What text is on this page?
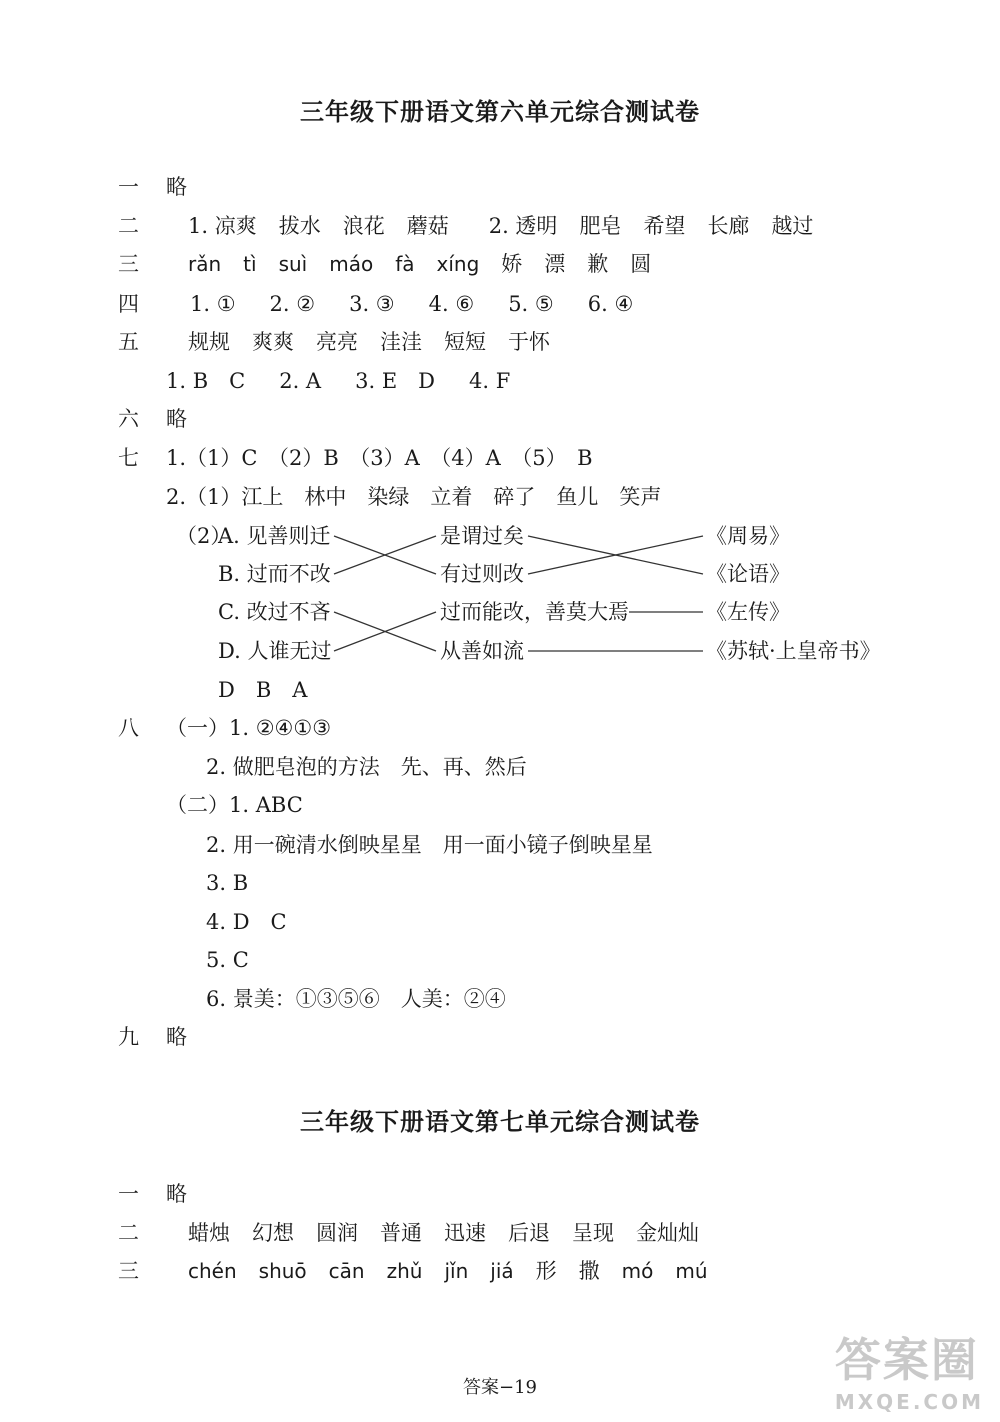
三年级下册语文第六单元综合测试卷
一 略
二 1. 凉爽 拔水 浪花 蘑菇 2. 透明 肥皂 希望 长廊 越过
三 rǎn tì suì máo fà xíng 娇 漂 歉 圆
四 1. ① 2. ② 3. ③ 4. ⑥ 5. ⑤ 6. ④
五 规规 爽爽 亮亮 洼洼 短短 于怀
1. B　C 2. A 3. E　D 4. F
六 略
七 1.（1）C　（2）B　（3）A　（4）A　（5）　B
2.（1）江上　林中　染绿　立着　碎了　鱼儿　笑声
（2）
A. 见善则迁
B. 过而不改
C. 改过不吝
D. 人谁无过
是谓过矣
有过则改
过而能改，善莫大焉
从善如流
《周易》
《论语》
《左传》
《苏轼·上皇帝书》
D　B　A
八 （一）1. ②④①③
2. 做肥皂泡的方法　先、再、然后
（二）1. ABC
2. 用一碗清水倒映星星　用一面小镜子倒映星星
3. B
4. D　C
5. C
6. 景美：①③⑤⑥　人美：②④
九 略
三年级下册语文第七单元综合测试卷
一 略
二 蜡烛 幻想 圆润 普通 迅速 后退 呈现 金灿灿
三 chén shuō cān zhǔ jǐn jiá 形 撒 mó mú
答案−19
答案圈
MXQE.COM
